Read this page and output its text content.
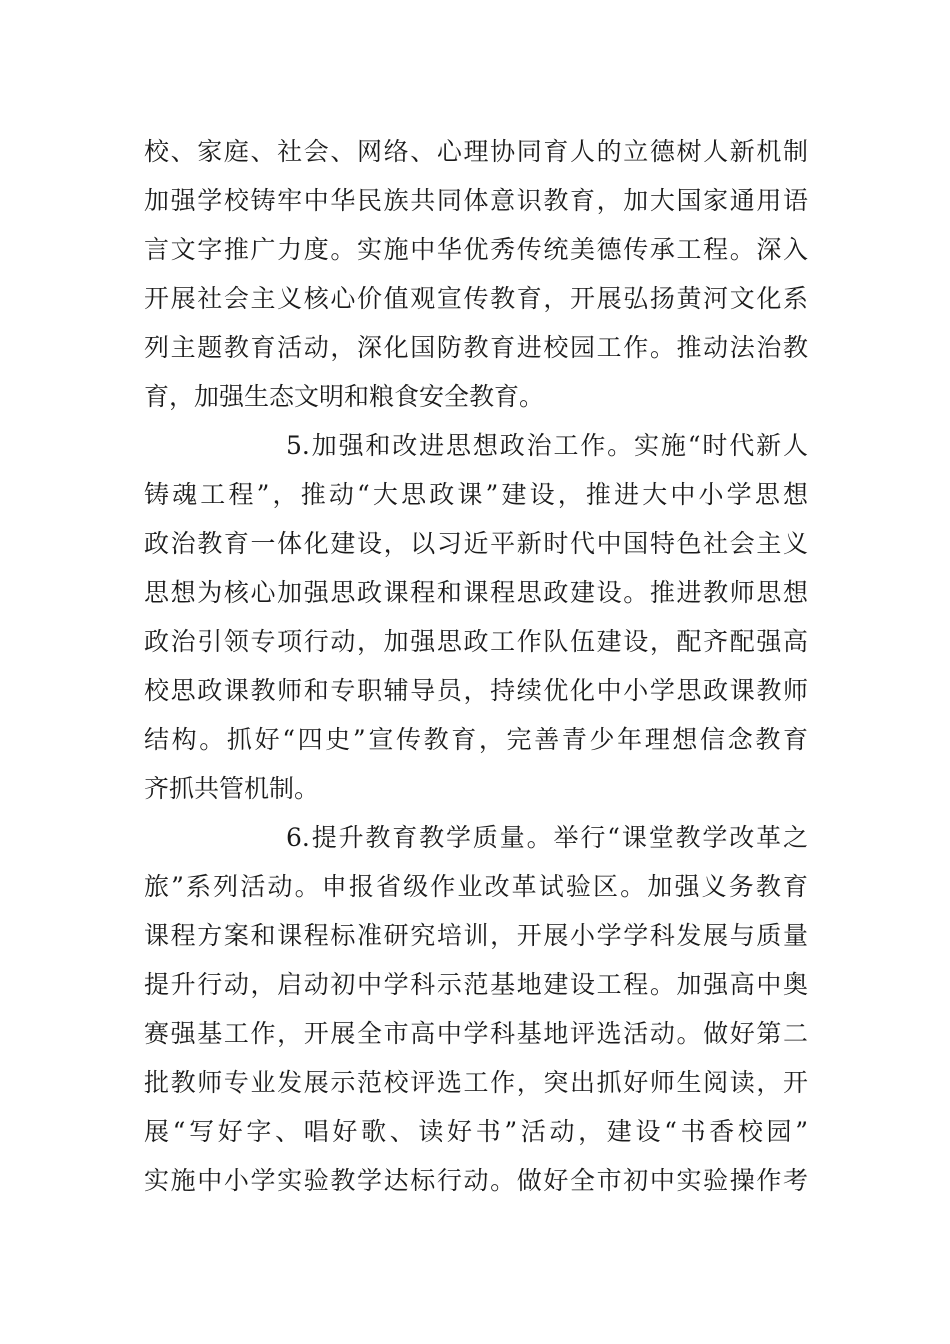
校、家庭、社会、网络、心理协同育人的立德树人新机制
加强学校铸牢中华民族共同体意识教育，加大国家通用语
言文字推广力度。实施中华优秀传统美德传承工程。深入
开展社会主义核心价值观宣传教育，开展弘扬黄河文化系
列主题教育活动，深化国防教育进校园工作。推动法治教
育，加强生态文明和粮食安全教育。
5.加强和改进思想政治工作。实施“时代新人
铸魂工程”，推动“大思政课”建设，推进大中小学思想
政治教育一体化建设，以习近平新时代中国特色社会主义
思想为核心加强思政课程和课程思政建设。推进教师思想
政治引领专项行动，加强思政工作队伍建设，配齐配强高
校思政课教师和专职辅导员，持续优化中小学思政课教师
结构。抓好“四史”宣传教育，完善青少年理想信念教育
齐抓共管机制。
6.提升教育教学质量。举行“课堂教学改革之
旅”系列活动。申报省级作业改革试验区。加强义务教育
课程方案和课程标准研究培训，开展小学学科发展与质量
提升行动，启动初中学科示范基地建设工程。加强高中奥
赛强基工作，开展全市高中学科基地评选活动。做好第二
批教师专业发展示范校评选工作，突出抓好师生阅读，开
展“写好字、唱好歌、读好书”活动，建设“书香校园”
实施中小学实验教学达标行动。做好全市初中实验操作考
